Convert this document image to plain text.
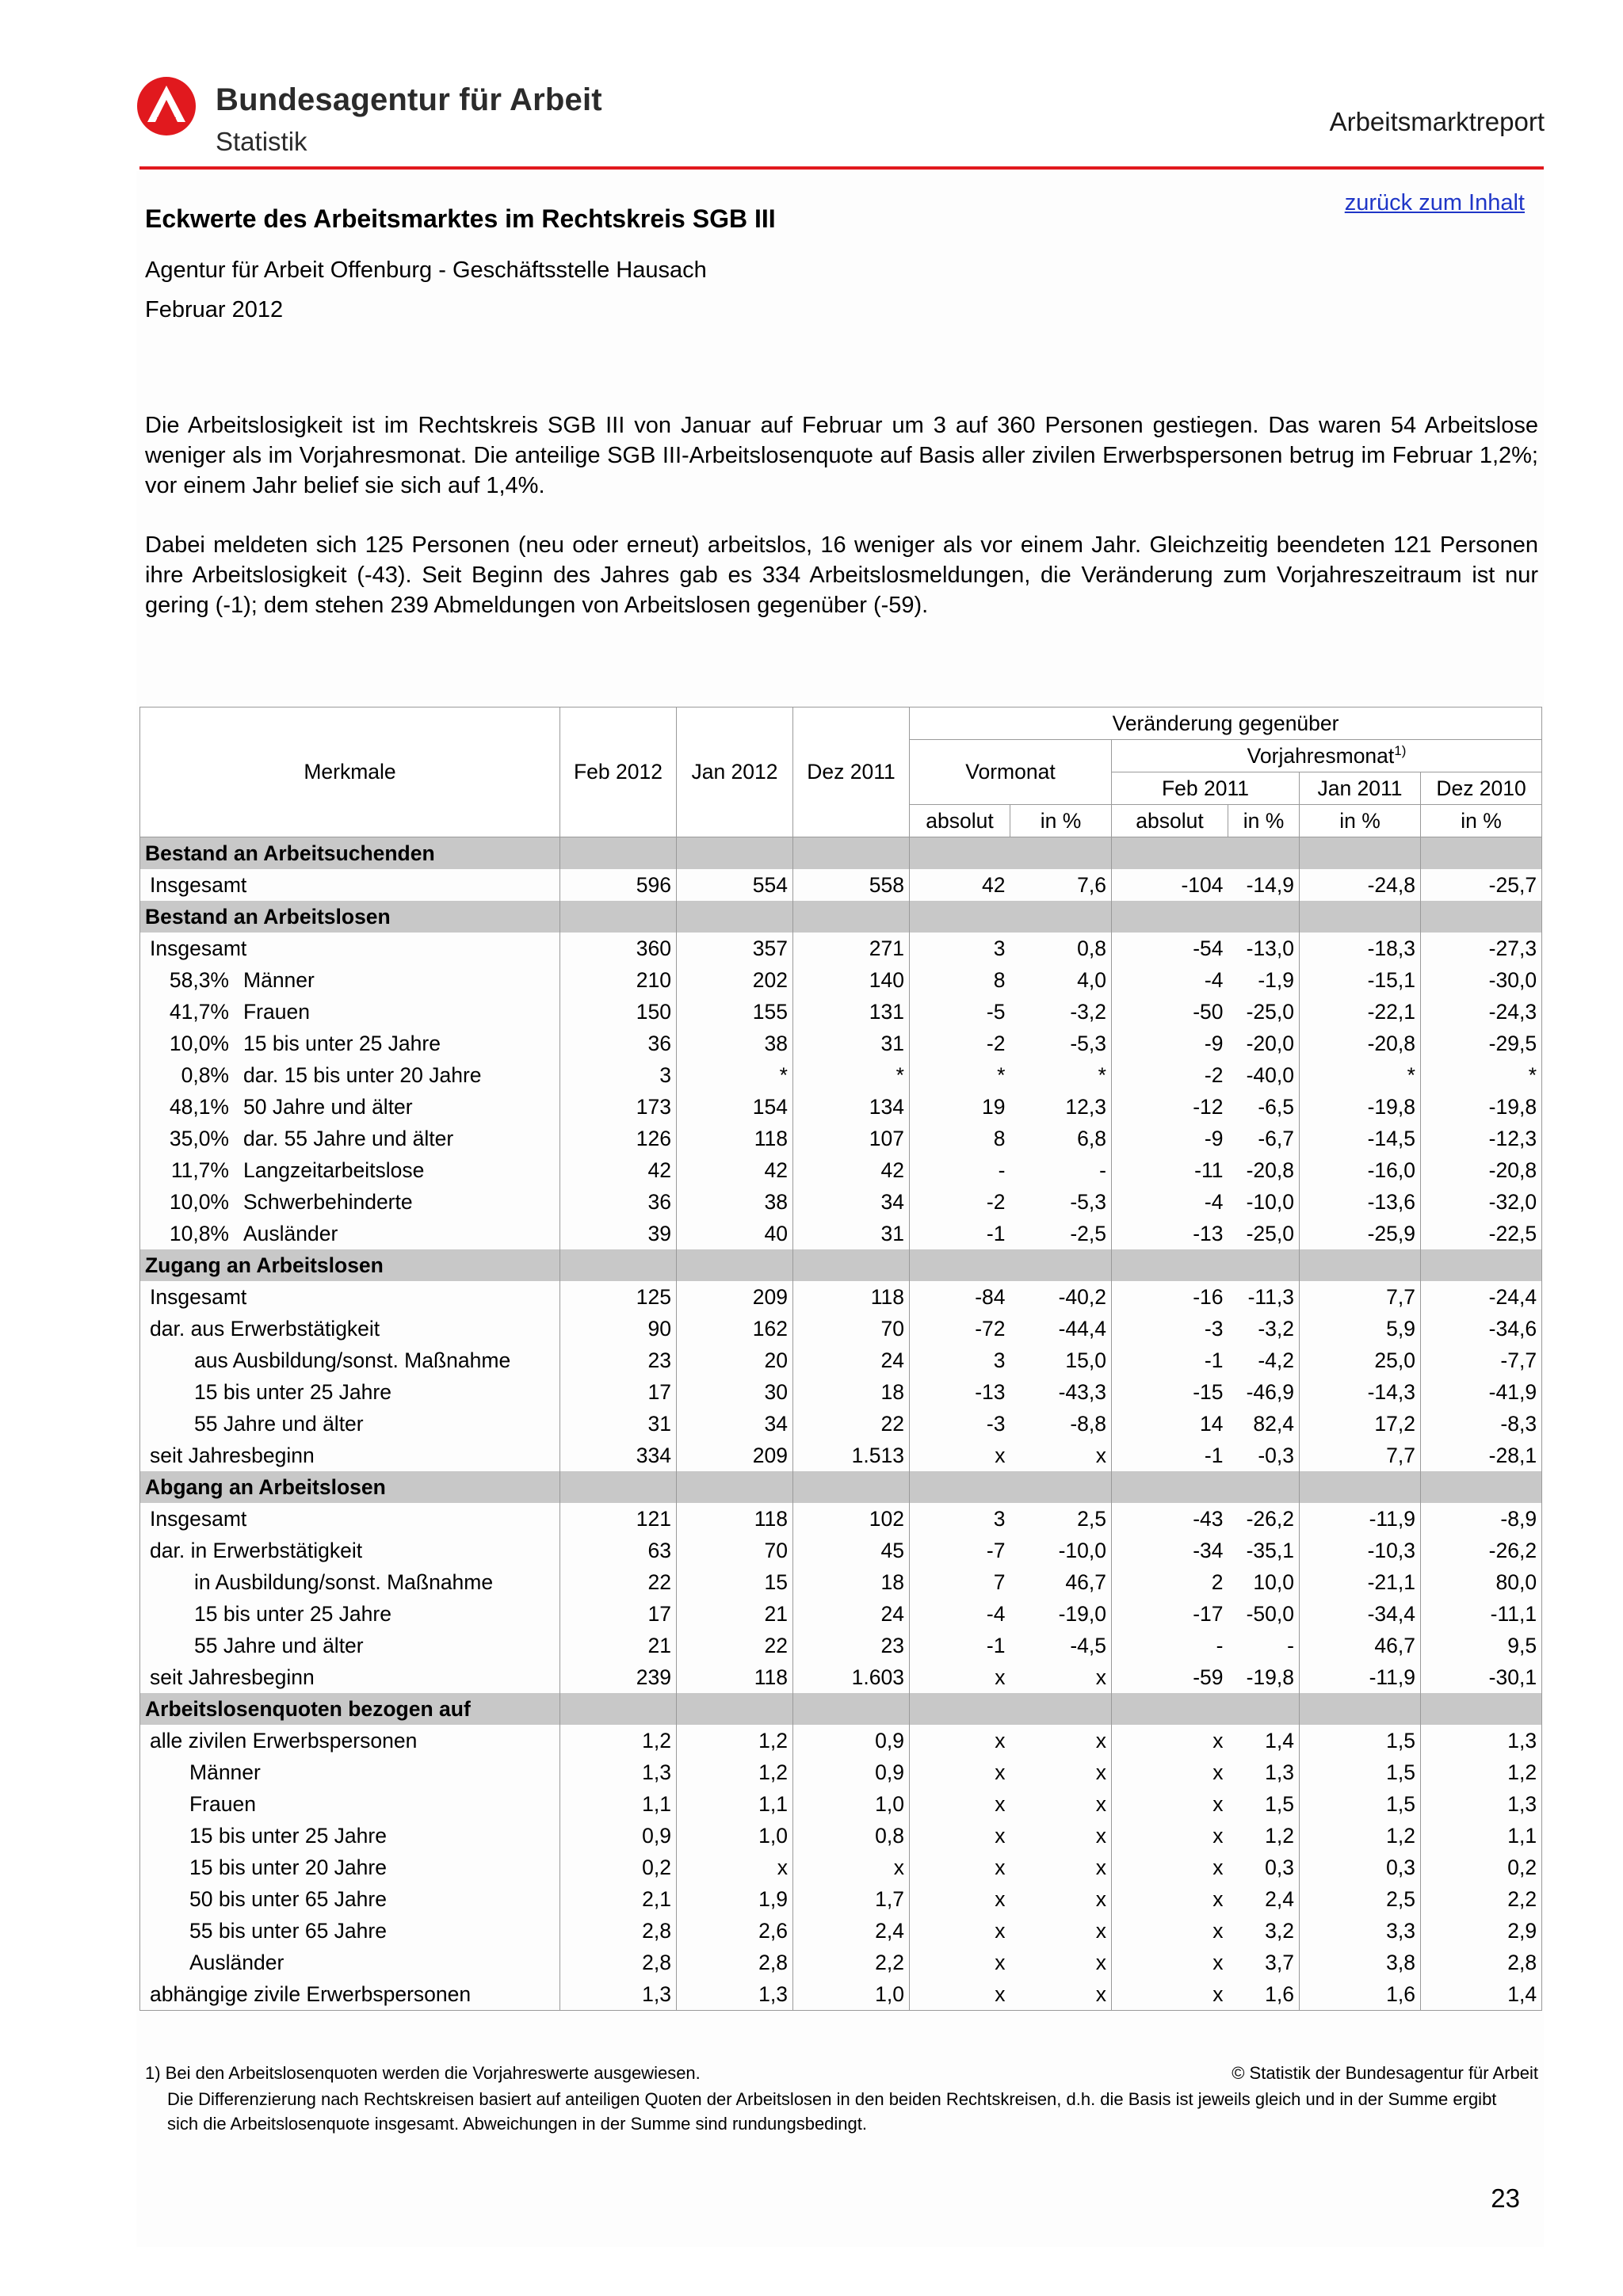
Bundesagentur für Arbeit
Statistik
Arbeitsmarktreport
zurück zum Inhalt
Eckwerte des Arbeitsmarktes im Rechtskreis SGB III
Agentur für Arbeit Offenburg - Geschäftsstelle Hausach
Februar 2012

Die Arbeitslosigkeit ist im Rechtskreis SGB III von Januar auf Februar um 3 auf 360 Personen gestiegen. Das waren 54 Arbeitslose weniger als im Vorjahresmonat. Die anteilige SGB III-Arbeitslosenquote auf Basis aller zivilen Erwerbspersonen betrug im Februar 1,2%; vor einem Jahr belief sie sich auf 1,4%.

Dabei meldeten sich 125 Personen (neu oder erneut) arbeitslos, 16 weniger als vor einem Jahr. Gleichzeitig beendeten 121 Personen ihre Arbeitslosigkeit (-43). Seit Beginn des Jahres gab es 334 Arbeitslosmeldungen, die Veränderung zum Vorjahreszeitraum ist nur gering (-1); dem stehen 239 Abmeldungen von Arbeitslosen gegenüber (-59).

Merkmale	Feb 2012	Jan 2012	Dez 2011	Veränderung gegenüber					
				Vormonat		Vorjahresmonat$^{1)}$
						Feb 2011		Jan 2011	Dez 2010
				absolut	in %	absolut	in %	in %	in %
Bestand an Arbeitsuchenden									
Insgesamt	596	554	558	42	7,6	-104	-14,9	-24,8	-25,7
Bestand an Arbeitslosen									
Insgesamt	360	357	271	3	0,8	-54	-13,0	-18,3	-27,3
58,3% Männer	210	202	140	8	4,0	-4	-1,9	-15,1	-30,0
41,7% Frauen	150	155	131	-5	-3,2	-50	-25,0	-22,1	-24,3
10,0% 15 bis unter 25 Jahre	36	38	31	-2	-5,3	-9	-20,0	-20,8	-29,5
0,8% dar. 15 bis unter 20 Jahre	3	*	*	*	*	-2	-40,0	*	*
48,1% 50 Jahre und älter	173	154	134	19	12,3	-12	-6,5	-19,8	-19,8
35,0% dar. 55 Jahre und älter	126	118	107	8	6,8	-9	-6,7	-14,5	-12,3
11,7% Langzeitarbeitslose	42	42	42	-	-	-11	-20,8	-16,0	-20,8
10,0% Schwerbehinderte	36	38	34	-2	-5,3	-4	-10,0	-13,6	-32,0
10,8% Ausländer	39	40	31	-1	-2,5	-13	-25,0	-25,9	-22,5
Zugang an Arbeitslosen									
Insgesamt	125	209	118	-84	-40,2	-16	-11,3	7,7	-24,4
dar. aus Erwerbstätigkeit	90	162	70	-72	-44,4	-3	-3,2	5,9	-34,6
aus Ausbildung/sonst. Maßnahme	23	20	24	3	15,0	-1	-4,2	25,0	-7,7
15 bis unter 25 Jahre	17	30	18	-13	-43,3	-15	-46,9	-14,3	-41,9
55 Jahre und älter	31	34	22	-3	-8,8	14	82,4	17,2	-8,3
seit Jahresbeginn	334	209	1.513	x	x	-1	-0,3	7,7	-28,1
Abgang an Arbeitslosen									
Insgesamt	121	118	102	3	2,5	-43	-26,2	-11,9	-8,9
dar. in Erwerbstätigkeit	63	70	45	-7	-10,0	-34	-35,1	-10,3	-26,2
in Ausbildung/sonst. Maßnahme	22	15	18	7	46,7	2	10,0	-21,1	80,0
15 bis unter 25 Jahre	17	21	24	-4	-19,0	-17	-50,0	-34,4	-11,1
55 Jahre und älter	21	22	23	-1	-4,5	-	-	46,7	9,5
seit Jahresbeginn	239	118	1.603	x	x	-59	-19,8	-11,9	-30,1
Arbeitslosenquoten bezogen auf									
alle zivilen Erwerbspersonen	1,2	1,2	0,9	x	x	x	1,4	1,5	1,3
Männer	1,3	1,2	0,9	x	x	x	1,3	1,5	1,2
Frauen	1,1	1,1	1,0	x	x	x	1,5	1,5	1,3
15 bis unter 25 Jahre	0,9	1,0	0,8	x	x	x	1,2	1,2	1,1
15 bis unter 20 Jahre	0,2	x	x	x	x	x	0,3	0,3	0,2
50 bis unter 65 Jahre	2,1	1,9	1,7	x	x	x	2,4	2,5	2,2
55 bis unter 65 Jahre	2,8	2,6	2,4	x	x	x	3,2	3,3	2,9
Ausländer	2,8	2,8	2,2	x	x	x	3,7	3,8	2,8
abhängige zivile Erwerbspersonen	1,3	1,3	1,0	x	x	x	1,6	1,6	1,4
1) Bei den Arbeitslosenquoten werden die Vorjahreswerte ausgewiesen.	© Statistik der Bundesagentur für Arbeit

Die Differenzierung nach Rechtskreisen basiert auf anteiligen Quoten der Arbeitslosen in den beiden Rechtskreisen, d.h. die Basis ist jeweils gleich und in der Summe ergibt sich die Arbeitslosenquote insgesamt. Abweichungen in der Summe sind rundungsbedingt.

23
